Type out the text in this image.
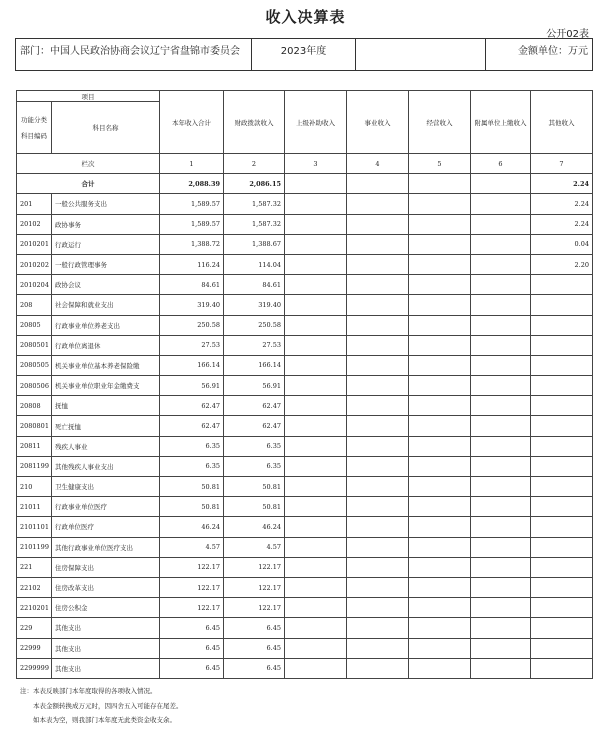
收入决算表
公开02表
部门：中国人民政治协商会议辽宁省盘锦市委员会	2023年度		金额单位：万元
项目		本年收入合计	财政拨款收入	上级补助收入	事业收入	经营收入	附属单位上缴收入	其他收入
功能分类科目编码	科目名称							
栏次		1	2	3	4	5	6	7
合计		2,088.39	2,086.15					2.24
201	一般公共服务支出	1,589.57	1,587.32					2.24
20102	政协事务	1,589.57	1,587.32					2.24
2010201	行政运行	1,388.72	1,388.67					0.04
2010202	一般行政管理事务	116.24	114.04					2.20
2010204	政协会议	84.61	84.61					
208	社会保障和就业支出	319.40	319.40					
20805	行政事业单位养老支出	250.58	250.58					
2080501	行政单位离退休	27.53	27.53					
2080505	机关事业单位基本养老保险缴	166.14	166.14					
2080506	机关事业单位职业年金缴费支	56.91	56.91					
20808	抚恤	62.47	62.47					
2080801	死亡抚恤	62.47	62.47					
20811	残疾人事业	6.35	6.35					
2081199	其他残疾人事业支出	6.35	6.35					
210	卫生健康支出	50.81	50.81					
21011	行政事业单位医疗	50.81	50.81					
2101101	行政单位医疗	46.24	46.24					
2101199	其他行政事业单位医疗支出	4.57	4.57					
221	住房保障支出	122.17	122.17					
22102	住房改革支出	122.17	122.17					
2210201	住房公积金	122.17	122.17					
229	其他支出	6.45	6.45					
22999	其他支出	6.45	6.45					
2299999	其他支出	6.45	6.45					
注：本表反映部门本年度取得的各项收入情况。
本表金额转换成万元时，因四舍五入可能存在尾差。
如本表为空，则我部门本年度无此类资金收支余。
